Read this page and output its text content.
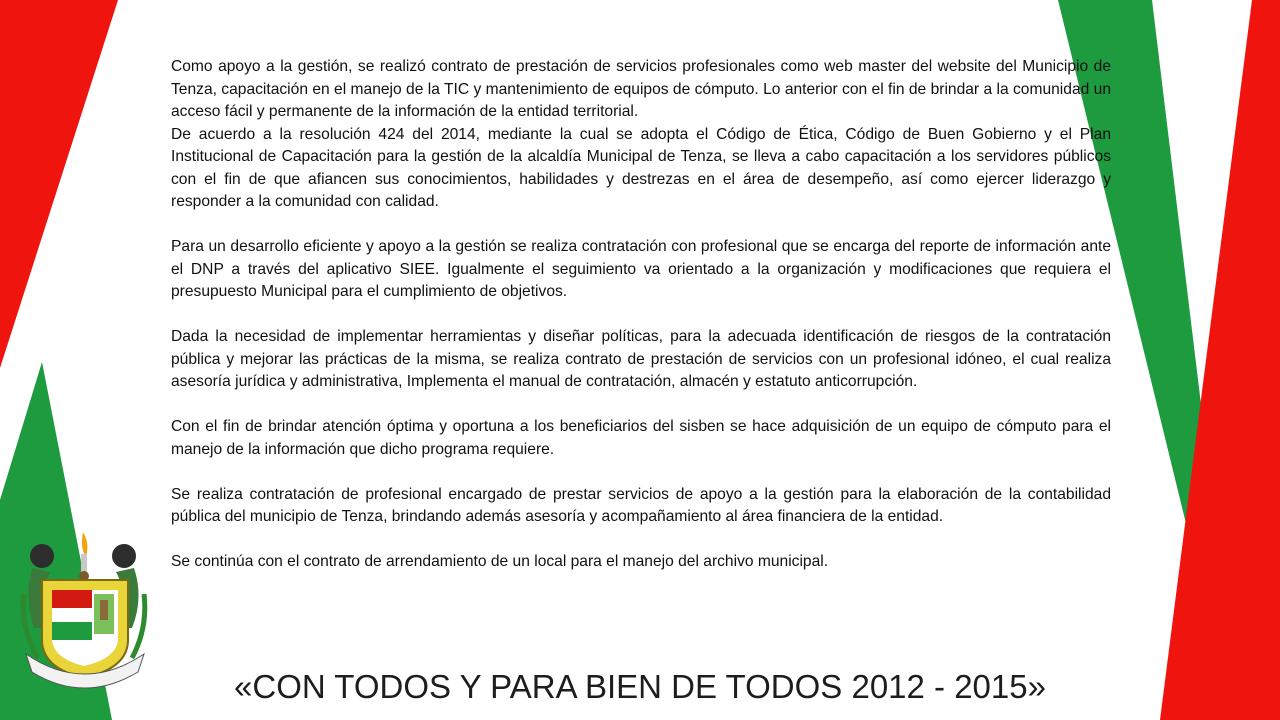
Como apoyo a la gestión, se realizó contrato de prestación de servicios profesionales como web master del website del Municipio de Tenza, capacitación en el manejo de la TIC y mantenimiento de equipos de cómputo. Lo anterior con el fin de brindar a la comunidad un acceso fácil y permanente de la información de la entidad territorial.

De acuerdo a la resolución 424 del 2014, mediante la cual se adopta el Código de Ética, Código de Buen Gobierno y el Plan Institucional de Capacitación para la gestión de la alcaldía Municipal de Tenza, se lleva a cabo capacitación a los servidores públicos con el fin de que afiancen sus conocimientos, habilidades y destrezas en el área de desempeño, así como ejercer liderazgo y responder a la comunidad con calidad.

Para un desarrollo eficiente y apoyo a la gestión se realiza contratación con profesional que se encarga del reporte de información ante el DNP a través del aplicativo SIEE. Igualmente el seguimiento va orientado a la organización y modificaciones que requiera el presupuesto Municipal para el cumplimiento de objetivos.

Dada la necesidad de implementar herramientas y diseñar políticas, para la adecuada identificación de riesgos de la contratación pública y mejorar las prácticas de la misma, se realiza contrato de prestación de servicios con un profesional idóneo, el cual realiza asesoría jurídica y administrativa, Implementa el manual de contratación, almacén y estatuto anticorrupción.

Con el fin de brindar atención óptima y oportuna a los beneficiarios del sisben se hace adquisición de un equipo de cómputo para el manejo de la información que dicho programa requiere.

Se realiza contratación de profesional encargado de prestar servicios de apoyo a la gestión para la elaboración de la contabilidad pública del municipio de Tenza, brindando además asesoría y acompañamiento al área financiera de la entidad.

Se continúa con el contrato de arrendamiento de un local para el manejo del archivo municipal.

«CON TODOS Y PARA BIEN DE TODOS 2012 - 2015»
